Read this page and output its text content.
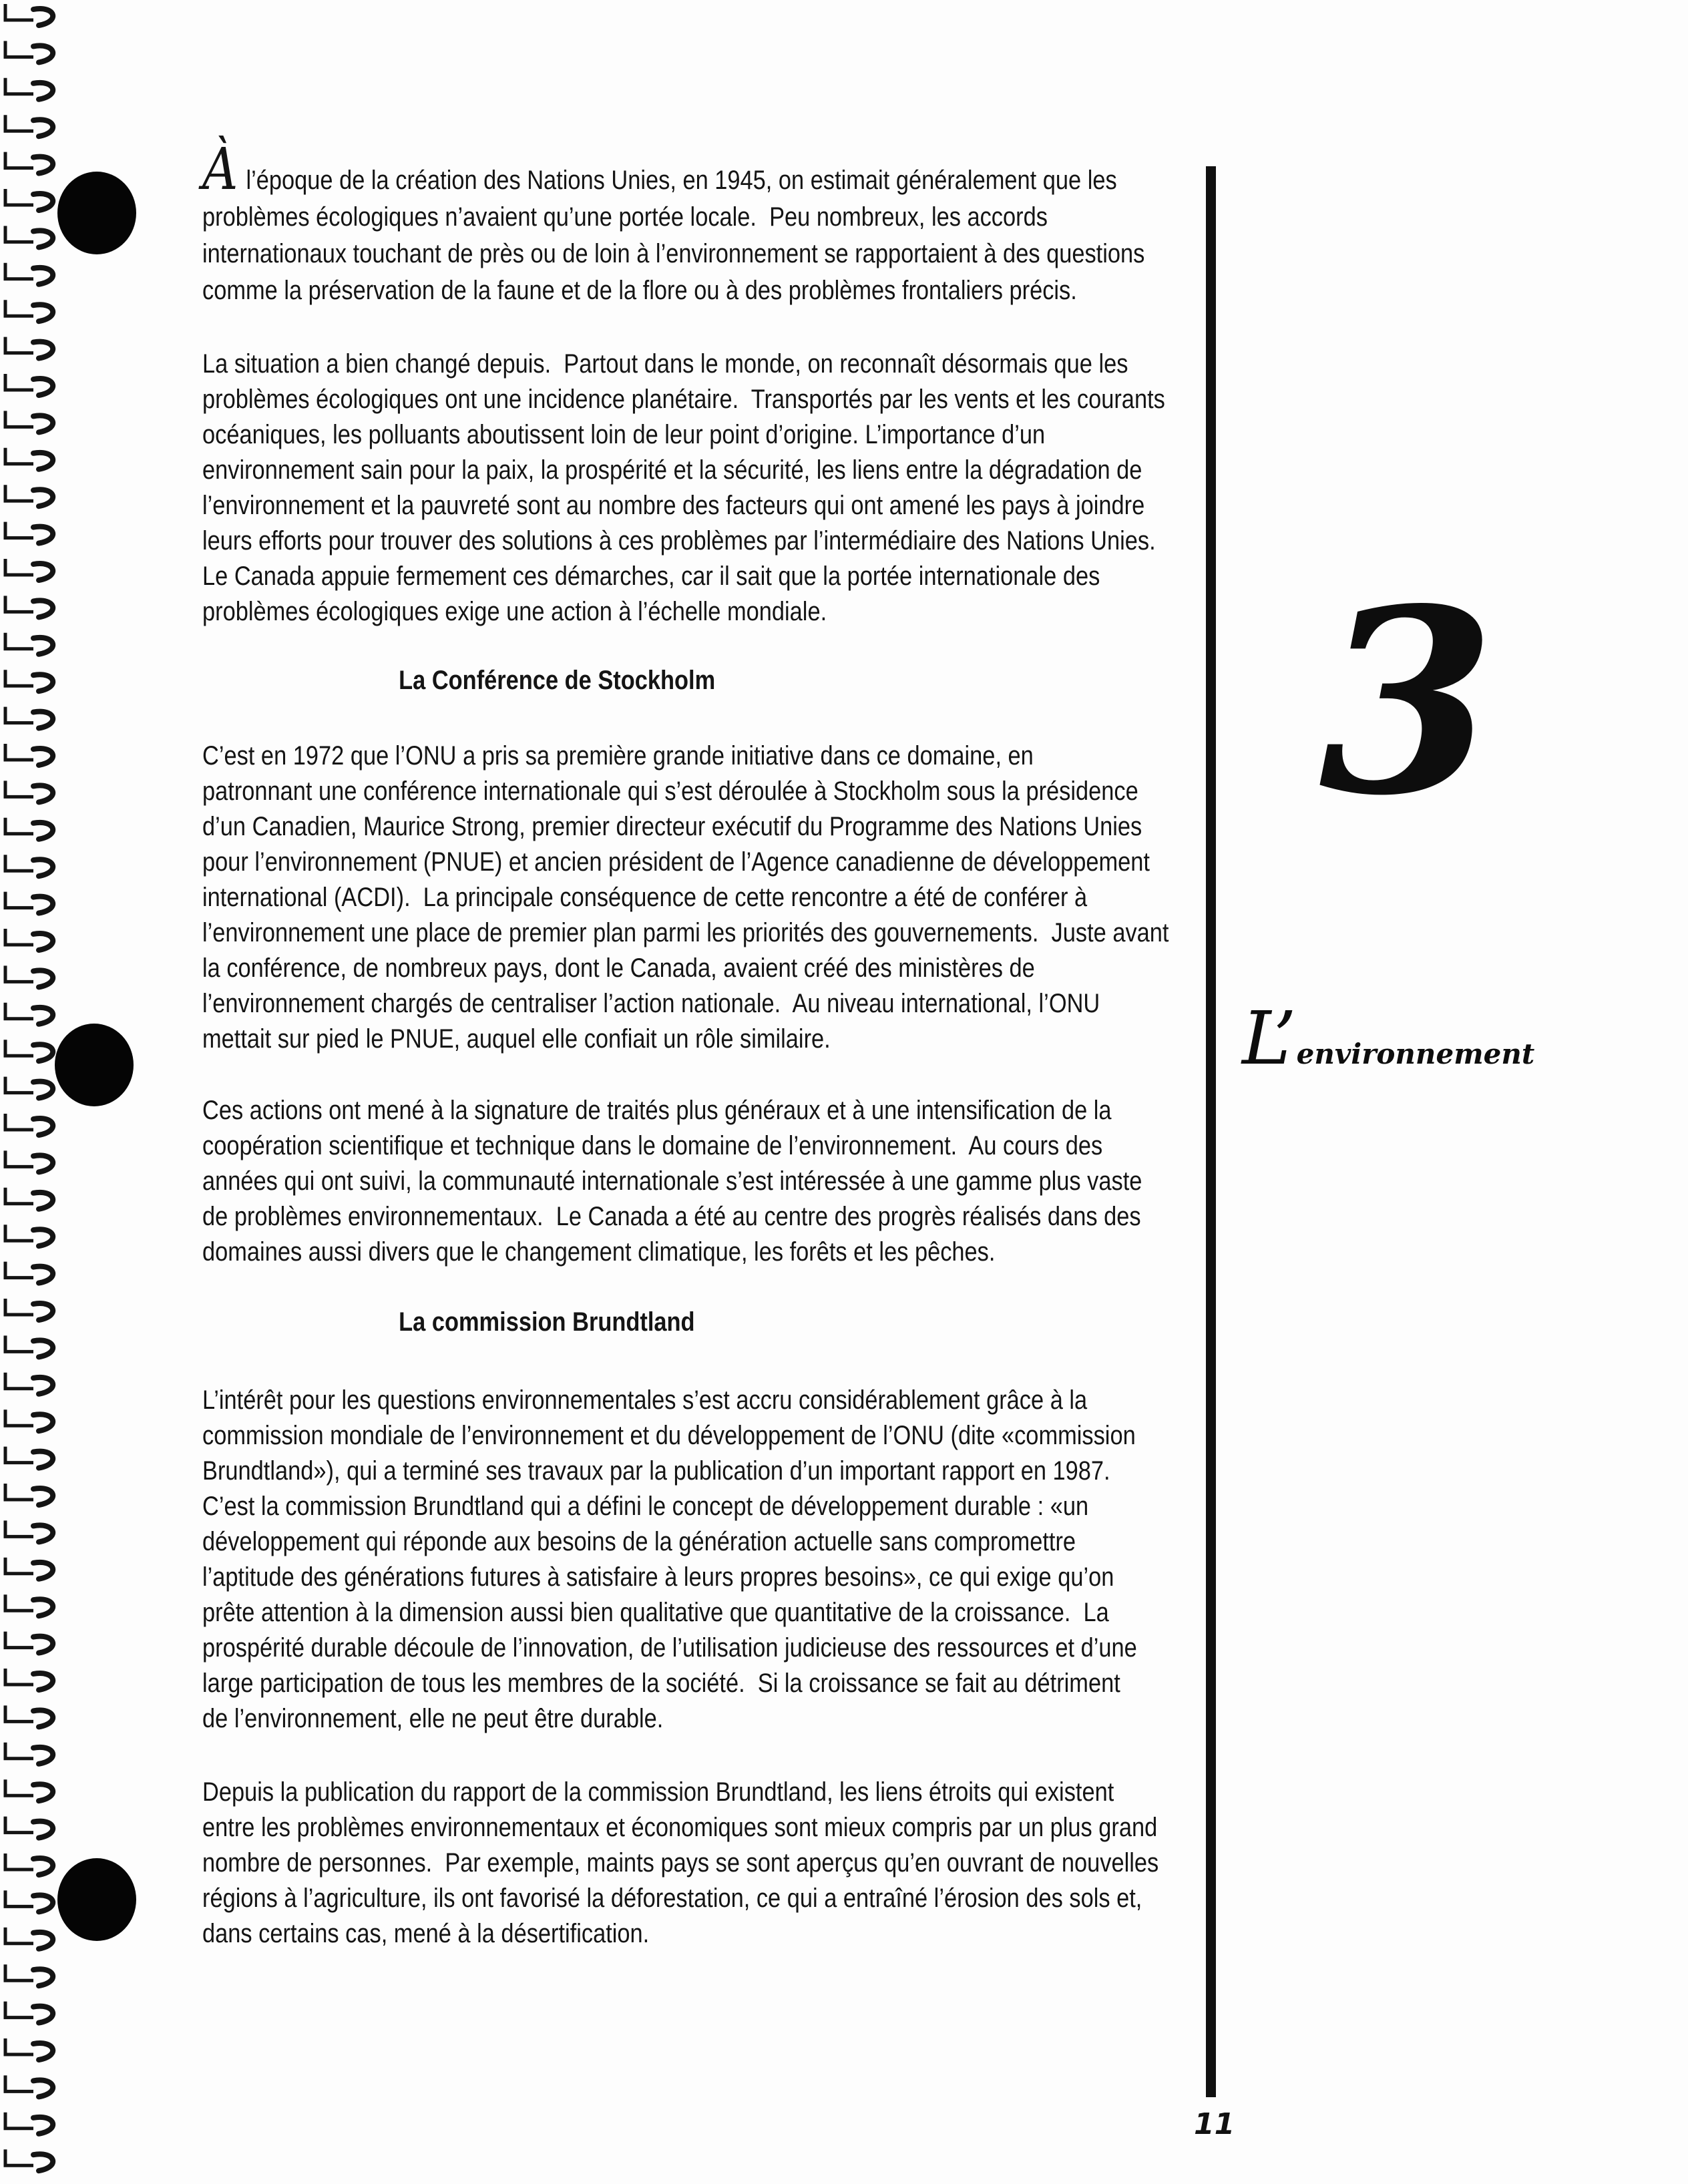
Àl’époque de la création des Nations Unies, en 1945, on estimait généralement que les
problèmes écologiques n’avaient qu’une portée locale.  Peu nombreux, les accords
internationaux touchant de près ou de loin à l’environnement se rapportaient à des questions
comme la préservation de la faune et de la flore ou à des problèmes frontaliers précis.
La situation a bien changé depuis.  Partout dans le monde, on reconnaît désormais que les
problèmes écologiques ont une incidence planétaire.  Transportés par les vents et les courants
océaniques, les polluants aboutissent loin de leur point d’origine. L’importance d’un
environnement sain pour la paix, la prospérité et la sécurité, les liens entre la dégradation de
l’environnement et la pauvreté sont au nombre des facteurs qui ont amené les pays à joindre
leurs efforts pour trouver des solutions à ces problèmes par l’intermédiaire des Nations Unies.
Le Canada appuie fermement ces démarches, car il sait que la portée internationale des
problèmes écologiques exige une action à l’échelle mondiale.
La Conférence de Stockholm
C’est en 1972 que l’ONU a pris sa première grande initiative dans ce domaine, en
patronnant une conférence internationale qui s’est déroulée à Stockholm sous la présidence
d’un Canadien, Maurice Strong, premier directeur exécutif du Programme des Nations Unies
pour l’environnement (PNUE) et ancien président de l’Agence canadienne de développement
international (ACDI).  La principale conséquence de cette rencontre a été de conférer à
l’environnement une place de premier plan parmi les priorités des gouvernements.  Juste avant
la conférence, de nombreux pays, dont le Canada, avaient créé des ministères de
l’environnement chargés de centraliser l’action nationale.  Au niveau international, l’ONU
mettait sur pied le PNUE, auquel elle confiait un rôle similaire.
Ces actions ont mené à la signature de traités plus généraux et à une intensification de la
coopération scientifique et technique dans le domaine de l’environnement.  Au cours des
années qui ont suivi, la communauté internationale s’est intéressée à une gamme plus vaste
de problèmes environnementaux.  Le Canada a été au centre des progrès réalisés dans des
domaines aussi divers que le changement climatique, les forêts et les pêches.
La commission Brundtland
L’intérêt pour les questions environnementales s’est accru considérablement grâce à la
commission mondiale de l’environnement et du développement de l’ONU (dite «commission
Brundtland»), qui a terminé ses travaux par la publication d’un important rapport en 1987.
C’est la commission Brundtland qui a défini le concept de développement durable : «un
développement qui réponde aux besoins de la génération actuelle sans compromettre
l’aptitude des générations futures à satisfaire à leurs propres besoins», ce qui exige qu’on
prête attention à la dimension aussi bien qualitative que quantitative de la croissance.  La
prospérité durable découle de l’innovation, de l’utilisation judicieuse des ressources et d’une
large participation de tous les membres de la société.  Si la croissance se fait au détriment
de l’environnement, elle ne peut être durable.
Depuis la publication du rapport de la commission Brundtland, les liens étroits qui existent
entre les problèmes environnementaux et économiques sont mieux compris par un plus grand
nombre de personnes.  Par exemple, maints pays se sont aperçus qu’en ouvrant de nouvelles
régions à l’agriculture, ils ont favorisé la déforestation, ce qui a entraîné l’érosion des sols et,
dans certains cas, mené à la désertification.
3
L’environnement
11
